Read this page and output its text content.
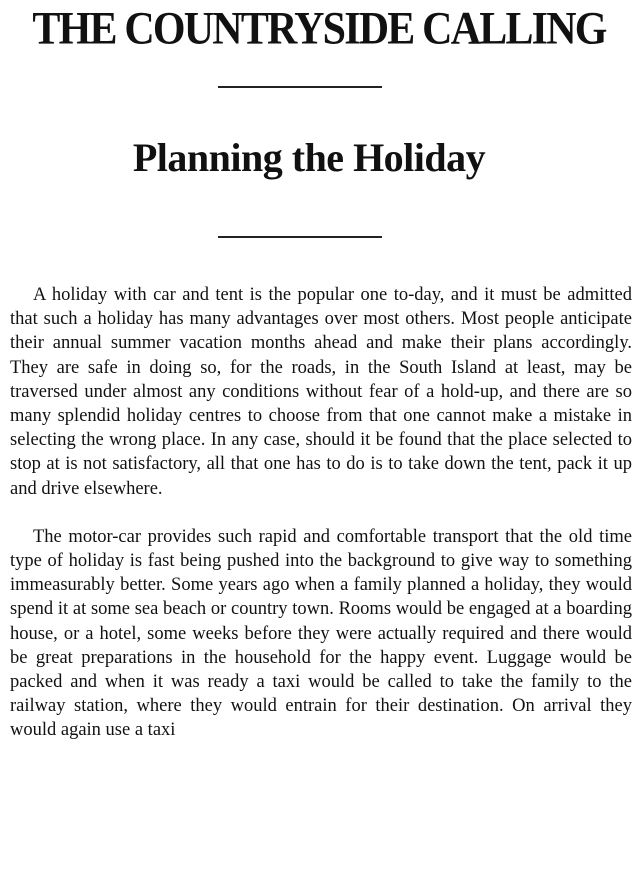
THE COUNTRYSIDE CALLING
Planning the Holiday

A holiday with car and tent is the popular one to-day, and it must be admitted that such a holiday has many advantages over most others. Most people anticipate their annual summer vacation months ahead and make their plans accordingly. They are safe in doing so, for the roads, in the South Island at least, may be traversed under almost any conditions without fear of a hold-up, and there are so many splendid holiday centres to choose from that one cannot make a mistake in selecting the wrong place. In any case, should it be found that the place selected to stop at is not satisfactory, all that one has to do is to take down the tent, pack it up and drive elsewhere.

The motor-car provides such rapid and comfortable transport that the old time type of holiday is fast being pushed into the background to give way to something immeasurably better. Some years ago when a family planned a holiday, they would spend it at some sea beach or country town. Rooms would be engaged at a boarding house, or a hotel, some weeks before they were actually required and there would be great preparations in the household for the happy event. Luggage would be packed and when it was ready a taxi would be called to take the family to the railway station, where they would entrain for their destination. On arrival they would again use a taxi
